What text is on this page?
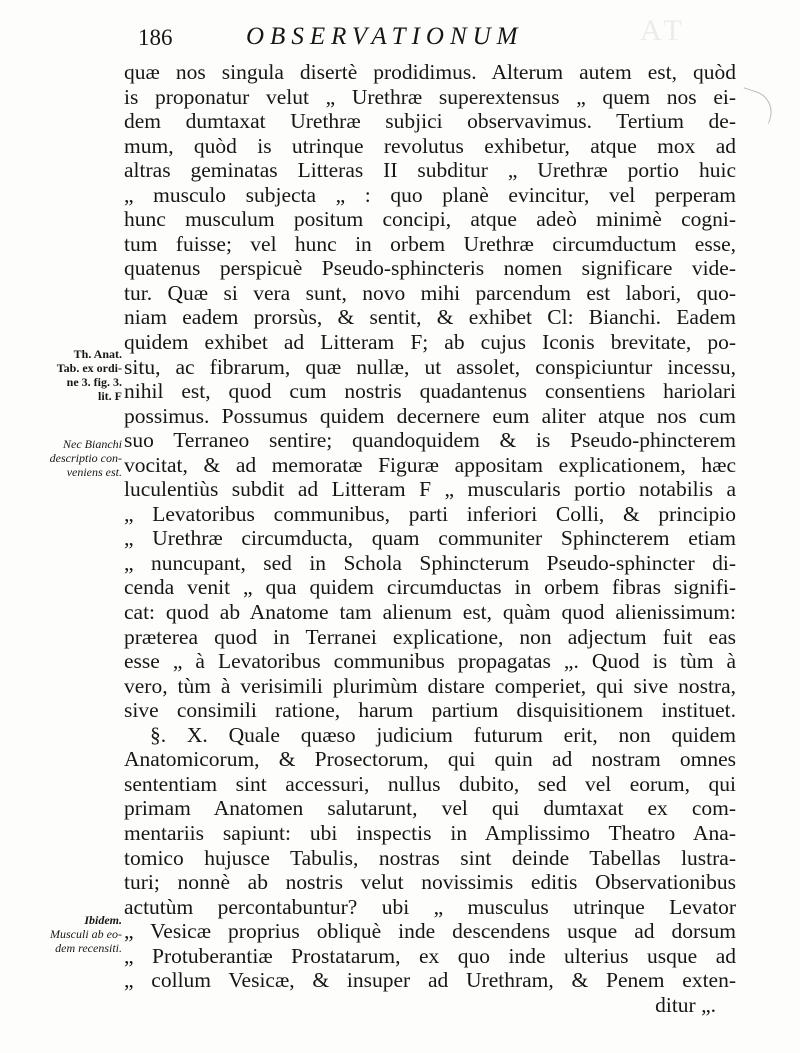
AT
186	OBSERVATIONUM
Th. Anat.
Tab. ex ordi-
ne 3. fig. 3.
lit. F
Nec Bianchi
descriptio con-
veniens est.
Ibidem.
Musculi ab eo-
dem recensiti.
quæ nos singula disertè prodidimus. Alterum autem est, quòd
is proponatur velut „ Urethræ superextensus „ quem nos ei-
dem dumtaxat Urethræ subjici observavimus. Tertium de-
mum, quòd is utrinque revolutus exhibetur, atque mox ad
altras geminatas Litteras II subditur „ Urethræ portio huic
„ musculo subjecta „ : quo planè evincitur, vel perperam
hunc musculum positum concipi, atque adeò minimè cogni-
tum fuisse; vel hunc in orbem Urethræ circumductum esse,
quatenus perspicuè Pseudo-sphincteris nomen significare vide-
tur. Quæ si vera sunt, novo mihi parcendum est labori, quo-
niam eadem prorsùs, & sentit, & exhibet Cl: Bianchi. Eadem
quidem exhibet ad Litteram F; ab cujus Iconis brevitate, po-
situ, ac fibrarum, quæ nullæ, ut assolet, conspiciuntur incessu,
nihil est, quod cum nostris quadantenus consentiens hariolari
possimus. Possumus quidem decernere eum aliter atque nos cum
suo Terraneo sentire; quandoquidem & is Pseudo-phincterem
vocitat, & ad memoratæ Figuræ appositam explicationem, hæc
luculentiùs subdit ad Litteram F „ muscularis portio notabilis a
„ Levatoribus communibus, parti inferiori Colli, & principio
„ Urethræ circumducta, quam communiter Sphincterem etiam
„ nuncupant, sed in Schola Sphincterum Pseudo-sphincter di-
cenda venit „ qua quidem circumductas in orbem fibras signifi-
cat: quod ab Anatome tam alienum est, quàm quod alienissimum:
præterea quod in Terranei explicatione, non adjectum fuit eas
esse „ à Levatoribus communibus propagatas „. Quod is tùm à
vero, tùm à verisimili plurimùm distare comperiet, qui sive nostra,
sive consimili ratione, harum partium disquisitionem instituet.
§. X. Quale quæso judicium futurum erit, non quidem
Anatomicorum, & Prosectorum, qui quin ad nostram omnes
sententiam sint accessuri, nullus dubito, sed vel eorum, qui
primam Anatomen salutarunt, vel qui dumtaxat ex com-
mentariis sapiunt: ubi inspectis in Amplissimo Theatro Ana-
tomico hujusce Tabulis, nostras sint deinde Tabellas lustra-
turi; nonnè ab nostris velut novissimis editis Observationibus
actutùm percontabuntur? ubi „ musculus utrinque Levator
„ Vesicæ proprius obliquè inde descendens usque ad dorsum
„ Protuberantiæ Prostatarum, ex quo inde ulterius usque ad
„ collum Vesicæ, & insuper ad Urethram, & Penem exten-
ditur „.
